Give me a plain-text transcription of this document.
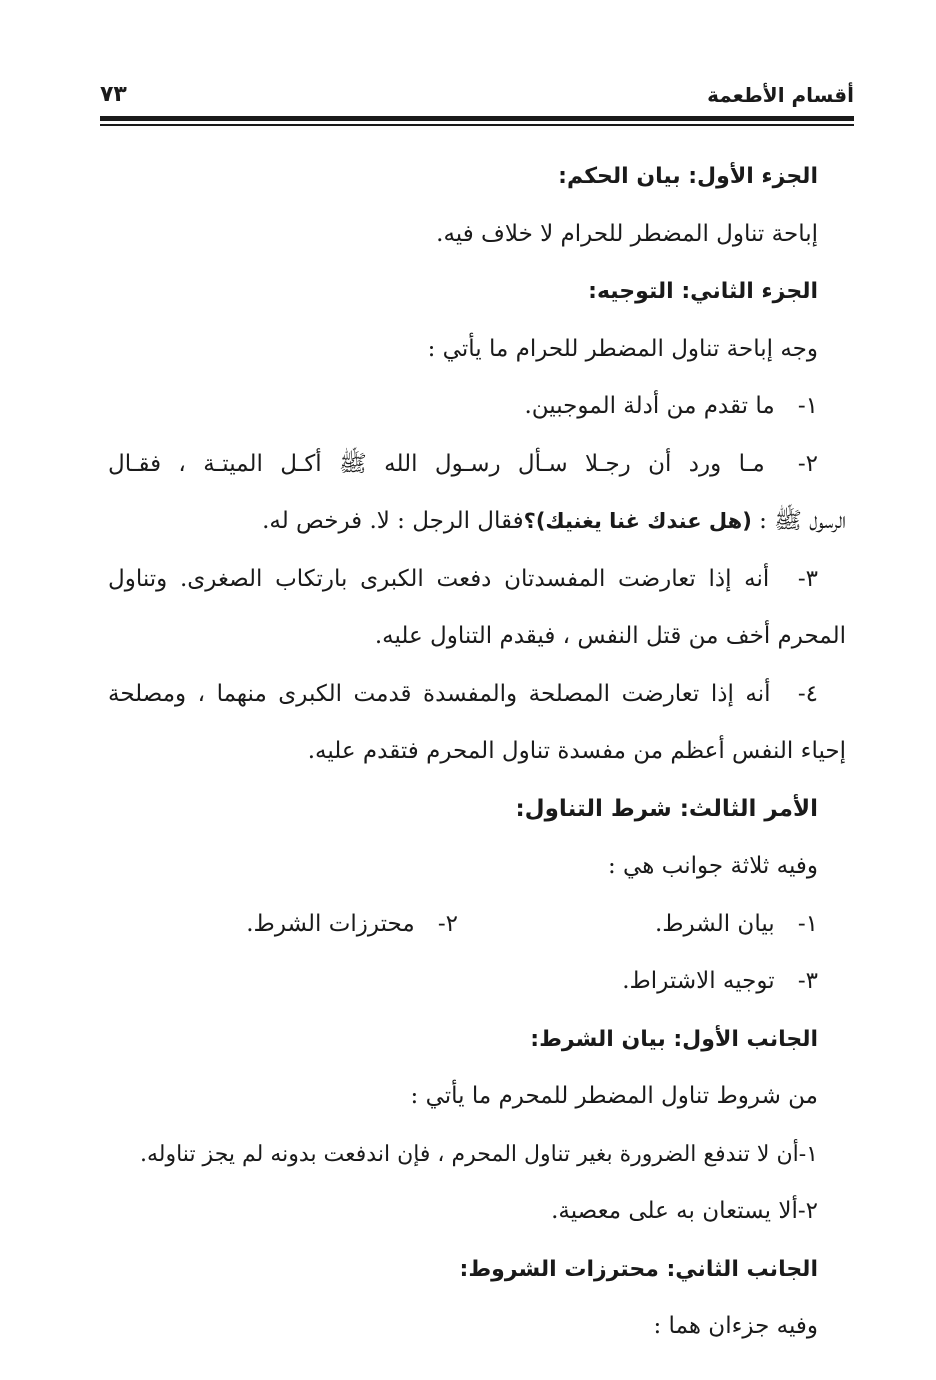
أقسام الأطعمة
٧٣
الجزء الأول: بيان الحكم:
إباحة تناول المضطر للحرام لا خلاف فيه.
الجزء الثاني: التوجيه:
وجه إباحة تناول المضطر للحرام ما يأتي :
١- ما تقدم من أدلة الموجبين.
٢- مـا ورد أن رجـلا سـأل رسـول الله ﷺ أكـل الميتـة ، فقـال
الرسول ﷺ : (هل عندك غنا يغنيك)؟فقال الرجل : لا. فرخص له.
٣- أنه إذا تعارضت المفسدتان دفعت الكبرى بارتكاب الصغرى. وتناول
المحرم أخف من قتل النفس ، فيقدم التناول عليه.
٤- أنه إذا تعارضت المصلحة والمفسدة قدمت الكبرى منهما ، ومصلحة
إحياء النفس أعظم من مفسدة تناول المحرم فتقدم عليه.
الأمر الثالث: شرط التناول:
وفيه ثلاثة جوانب هي :
١- بيان الشرط.٢- محترزات الشرط.
٣- توجيه الاشتراط.
الجانب الأول: بيان الشرط:
من شروط تناول المضطر للمحرم ما يأتي :
١-أن لا تندفع الضرورة بغير تناول المحرم ، فإن اندفعت بدونه لم يجز تناوله.
٢-ألا يستعان به على معصية.
الجانب الثاني: محترزات الشروط:
وفيه جزءان هما :
